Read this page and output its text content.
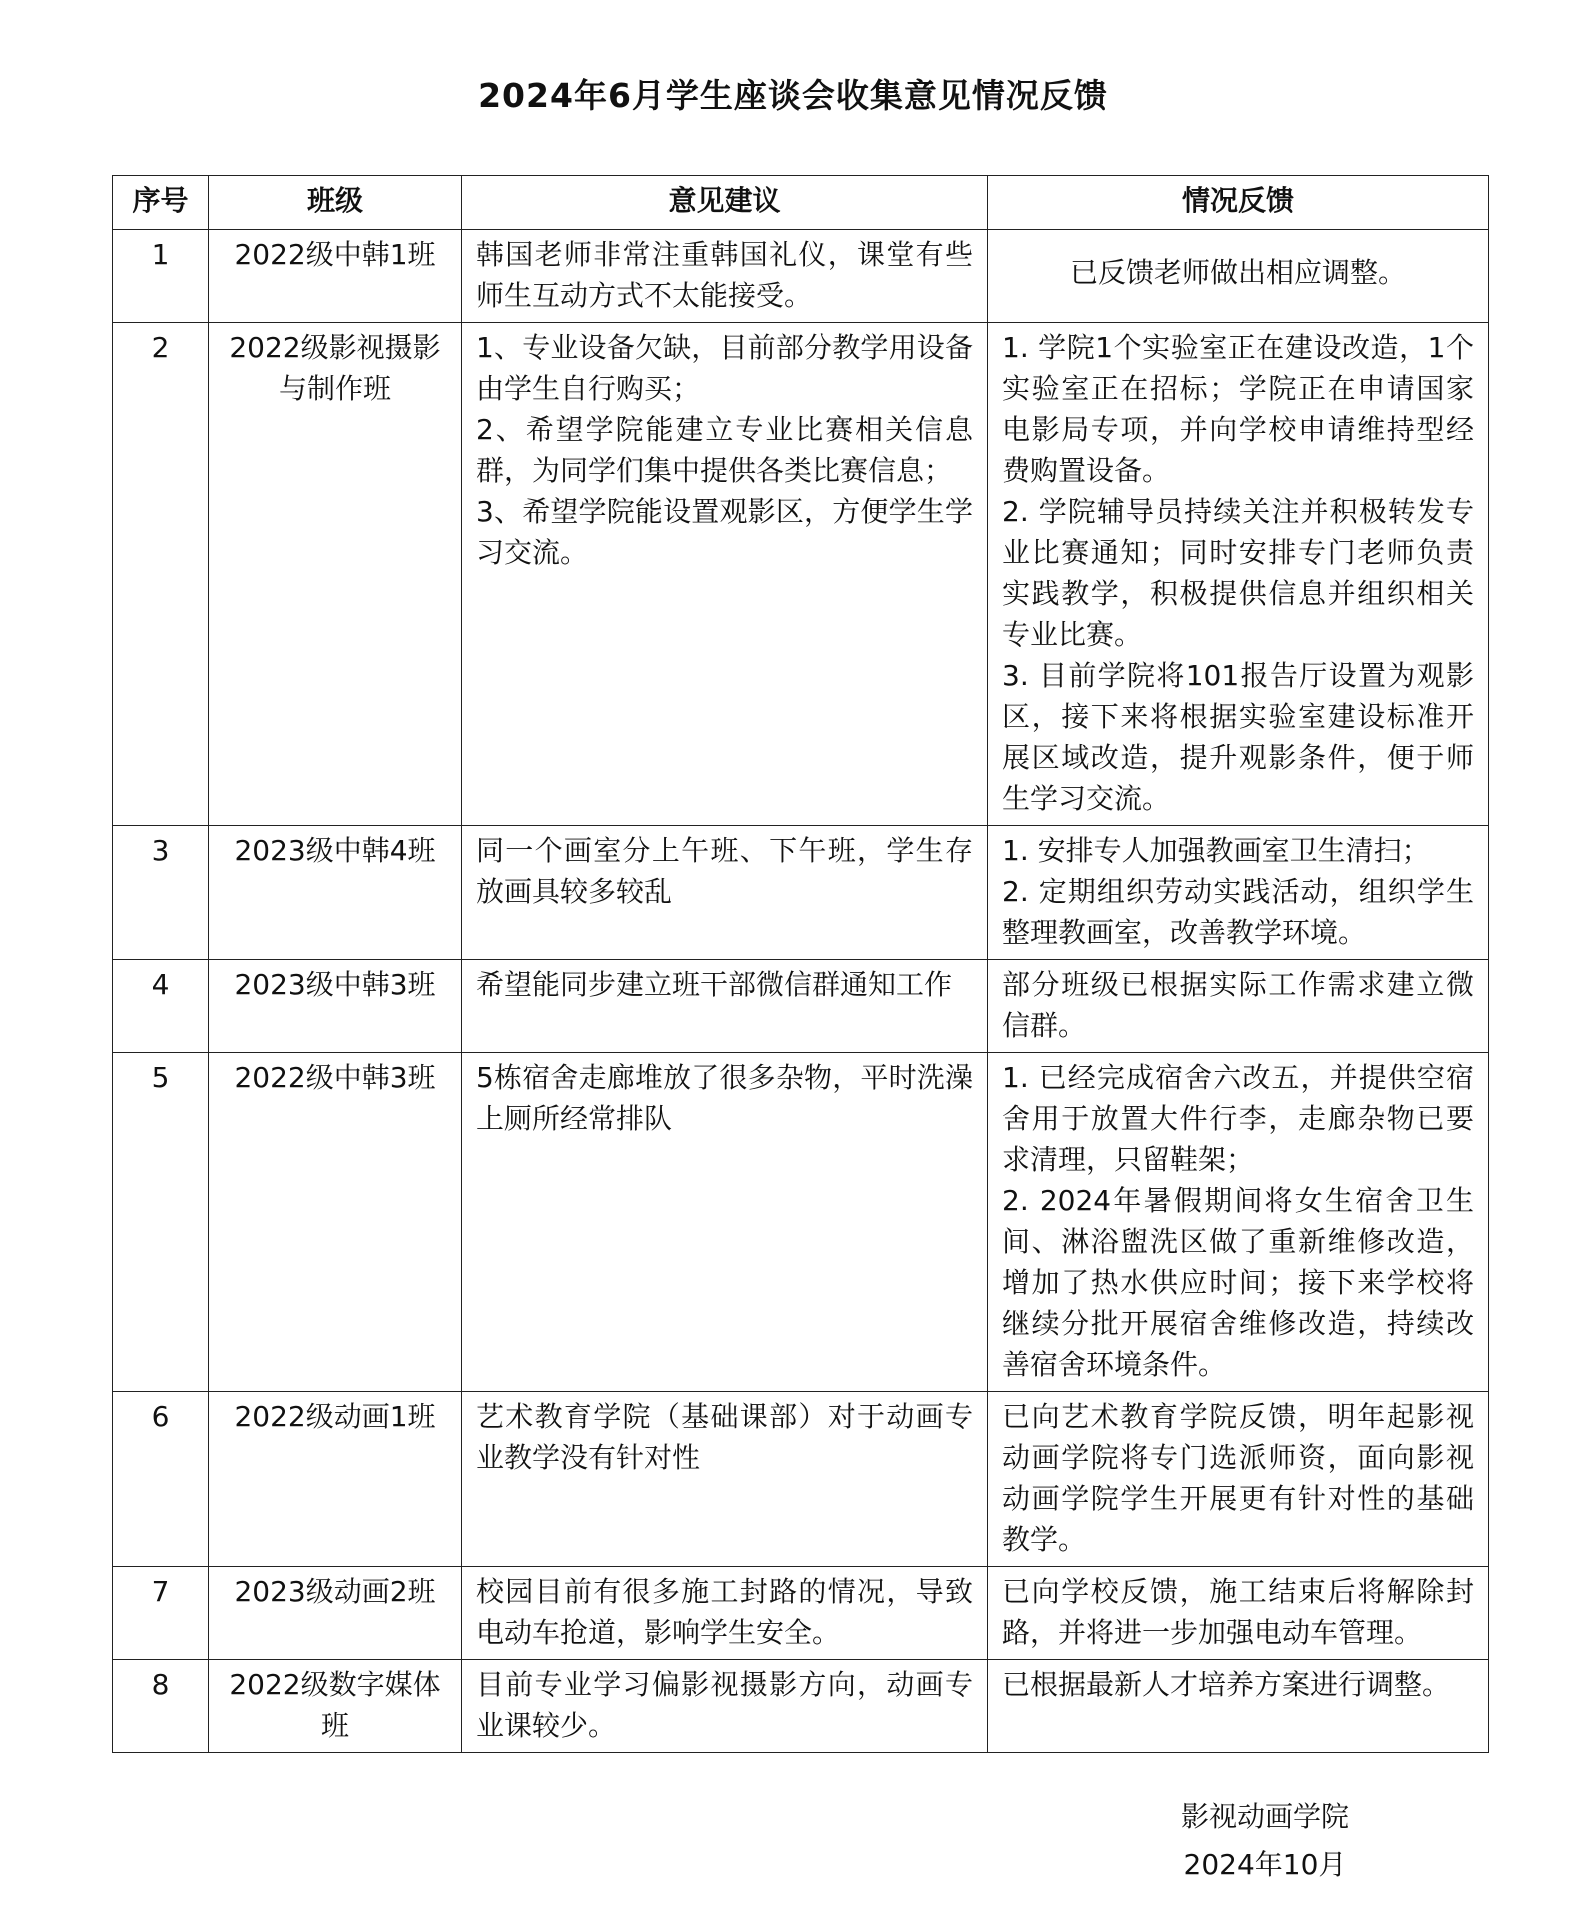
2024年6月学生座谈会收集意见情况反馈
序号	班级	意见建议	情况反馈
1	2022级中韩1班	韩国老师非常注重韩国礼仪，课堂有些师生互动方式不太能接受。	已反馈老师做出相应调整。

2	2022级影视摄影与制作班	1、专业设备欠缺，目前部分教学用设备由学生自行购买；
2、希望学院能建立专业比赛相关信息群，为同学们集中提供各类比赛信息；
3、希望学院能设置观影区，方便学生学习交流。	1. 学院1个实验室正在建设改造，1个实验室正在招标；学院正在申请国家电影局专项，并向学校申请维持型经费购置设备。
2. 学院辅导员持续关注并积极转发专业比赛通知；同时安排专门老师负责实践教学，积极提供信息并组织相关专业比赛。
3. 目前学院将101报告厅设置为观影区，接下来将根据实验室建设标准开展区域改造，提升观影条件，便于师生学习交流。

3	2023级中韩4班	同一个画室分上午班、下午班，学生存放画具较多较乱	1. 安排专人加强教画室卫生清扫；
2. 定期组织劳动实践活动，组织学生整理教画室，改善教学环境。

4	2023级中韩3班	希望能同步建立班干部微信群通知工作	部分班级已根据实际工作需求建立微信群。

5	2022级中韩3班	5栋宿舍走廊堆放了很多杂物，平时洗澡上厕所经常排队	1. 已经完成宿舍六改五，并提供空宿舍用于放置大件行李，走廊杂物已要求清理，只留鞋架；
2. 2024年暑假期间将女生宿舍卫生间、淋浴盥洗区做了重新维修改造，增加了热水供应时间；接下来学校将继续分批开展宿舍维修改造，持续改善宿舍环境条件。

6	2022级动画1班	艺术教育学院（基础课部）对于动画专业教学没有针对性	已向艺术教育学院反馈，明年起影视动画学院将专门选派师资，面向影视动画学院学生开展更有针对性的基础教学。

7	2023级动画2班	校园目前有很多施工封路的情况，导致电动车抢道，影响学生安全。	已向学校反馈，施工结束后将解除封路，并将进一步加强电动车管理。

8	2022级数字媒体班	目前专业学习偏影视摄影方向，动画专业课较少。	已根据最新人才培养方案进行调整。
影视动画学院
2024年10月
